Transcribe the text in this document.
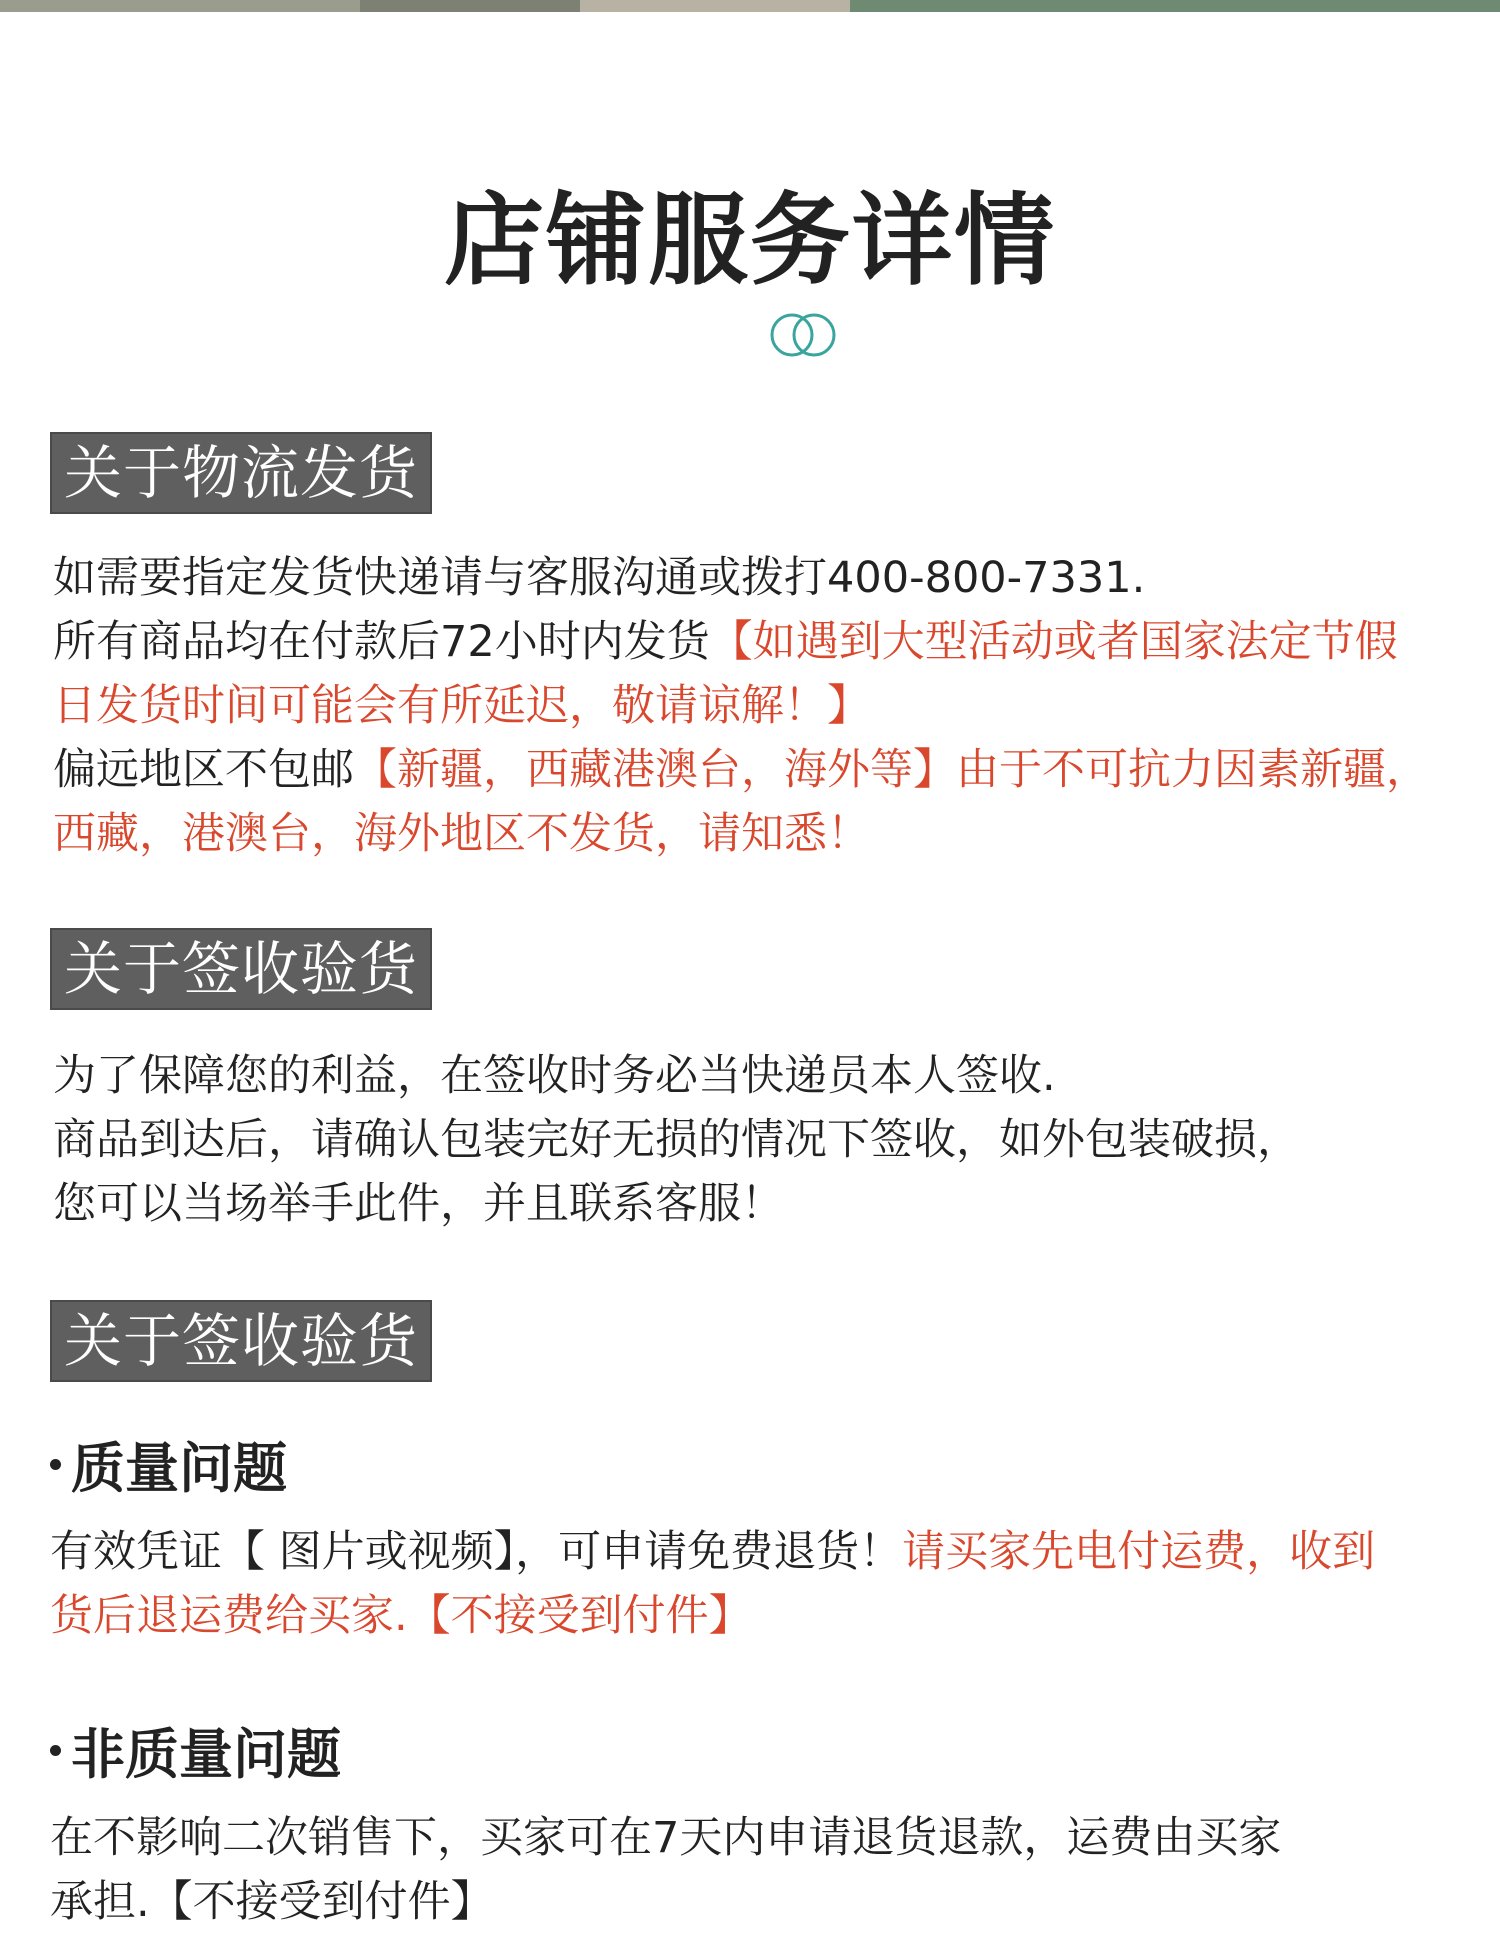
店铺服务详情
关于物流发货
如需要指定发货快递请与客服沟通或拨打400-800-7331.
所有商品均在付款后72小时内发货【如遇到大型活动或者国家法定节假
日发货时间可能会有所延迟，敬请谅解！】
偏远地区不包邮【新疆，西藏港澳台，海外等】由于不可抗力因素新疆，
西藏，港澳台，海外地区不发货，请知悉！
关于签收验货
为了保障您的利益，在签收时务必当快递员本人签收.
商品到达后，请确认包装完好无损的情况下签收，如外包装破损，
您可以当场举手此件，并且联系客服！
关于签收验货
质量问题
有效凭证【 图片或视频】，可申请免费退货！请买家先电付运费，收到
货后退运费给买家.【不接受到付件】
非质量问题
在不影响二次销售下，买家可在7天内申请退货退款，运费由买家
承担.【不接受到付件】
